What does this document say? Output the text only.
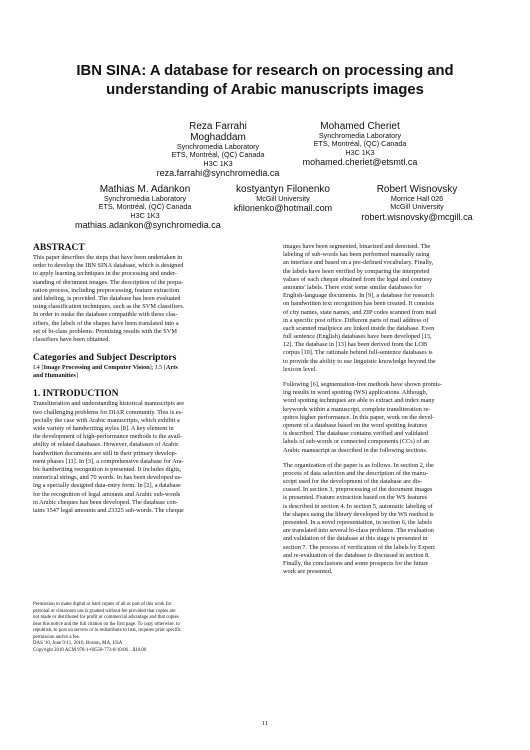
IBN SINA: A database for research on processing and
understanding of Arabic manuscripts images
Reza Farrahi
Moghaddam
Synchromedia Laboratory
ETS, Montréal, (QC) Canada
H3C 1K3
reza.farrahi@synchromedia.ca
Mohamed Cheriet
Synchromedia Laboratory
ETS, Montréal, (QC) Canada
H3C 1K3
mohamed.cheriet@etsmtl.ca
Mathias M. Adankon
Synchromedia Laboratory
ETS, Montréal, (QC) Canada
H3C 1K3
mathias.adankon@synchromedia.ca
kostyantyn Filonenko
McGill University
kfilonenko@hotmail.com
Robert Wisnovsky
Morrice Hall 026
McGill University
robert.wisnovsky@mcgill.ca
ABSTRACT
This paper describes the steps that have been undertaken in
order to develop the IBN SINA database, which is designed
to apply learning techniques in the processing and under-
standing of document images. The description of the prepa-
ration process, including preprocessing, feature extraction
and labeling, is provided. The database has been evaluated
using classification techniques, such as the SVM classifiers.
In order to make the database compatible with these clas-
sifiers, the labels of the shapes have been translated into a
set of bi-class problems. Promising results with the SVM
classifiers have been obtained.
Categories and Subject Descriptors
I.4 [Image Processing and Computer Vision]; J.5 [Arts
and Humanities]
1. INTRODUCTION
Transliteration and understanding historical manuscripts are
two challenging problems for DIAR community. This is es-
pecially the case with Arabic manuscripts, which exhibit a
wide variety of handwriting styles [8]. A key element in
the development of high-performance methods is the avail-
ability of related databases. However, databases of Arabic
handwritten documents are still in their primary develop-
ment phases [11]. In [3], a comprehensive database for Ara-
bic handwriting recognition is presented. It includes digits,
numerical strings, and 70 words. In has been developed us-
ing a specially designed data-entry form. In [2], a database
for the recognition of legal amounts and Arabic sub-words
in Arabic cheques has been developed. The database con-
tains 1547 legal amounts and 23325 sub-words. The cheque
Permission to make digital or hard copies of all or part of this work for
personal or classroom use is granted without fee provided that copies are
not made or distributed for profit or commercial advantage and that copies
bear this notice and the full citation on the first page. To copy otherwise, to
republish, to post on servers or to redistribute to lists, requires prior specific
permission and/or a fee.
DAS '10, June 9-11, 2010, Boston, MA, USA
Copyright 2010 ACM 978-1-60558-773-8/10/06 ...$10.00
images have been segmented, binarized and denoised. The
labeling of sub-words has been performed manually using
an interface and based on a pre-defined vocabulary. Finally,
the labels have been verified by comparing the interpreted
values of each cheque obtained from the legal and courtesy
amounts' labels. There exist some similar databases for
English-language documents. In [9], a database for research
on handwritten text recognition has been created. It consists
of city names, state names, and ZIP codes scanned from mail
in a specific post office. Different parts of mail address of
each scanned mailpiece are linked inside the database. Even
full sentence (English) databases have been developed [13,
12]. The database in [13] has been derived from the LOB
corpus [10]. The rationale behind full-sentence databases is
to provide the ability to use linguistic knowledge beyond the
lexicon level.
Following [6], segmentation-free methods have shown promis-
ing results in word spotting (WS) applications. Although,
word spotting techniques are able to extract and index many
keywords within a manuscript, complete transliteration re-
quires higher performance. In this paper, work on the devel-
opment of a database based on the word spotting features
is described. The database contains verified and validated
labels of sub-words or connected components (CCs) of an
Arabic manuscript as described in the following sections.
The organization of the paper is as follows. In section 2, the
process of data selection and the description of the manu-
script used for the development of the database are dis-
cussed. In section 3, preprocessing of the document images
is presented. Feature extraction based on the WS features
is described in section 4. In section 5, automatic labeling of
the shapes using the library developed by the WS method is
presented. In a novel representation, in section 6, the labels
are translated into several bi-class problems. The evaluation
and validation of the database at this stage is presented in
section 7. The process of verification of the labels by Expert
and re-evaluation of the database is discussed in section 8.
Finally, the conclusions and some prospects for the future
work are presented.
11
